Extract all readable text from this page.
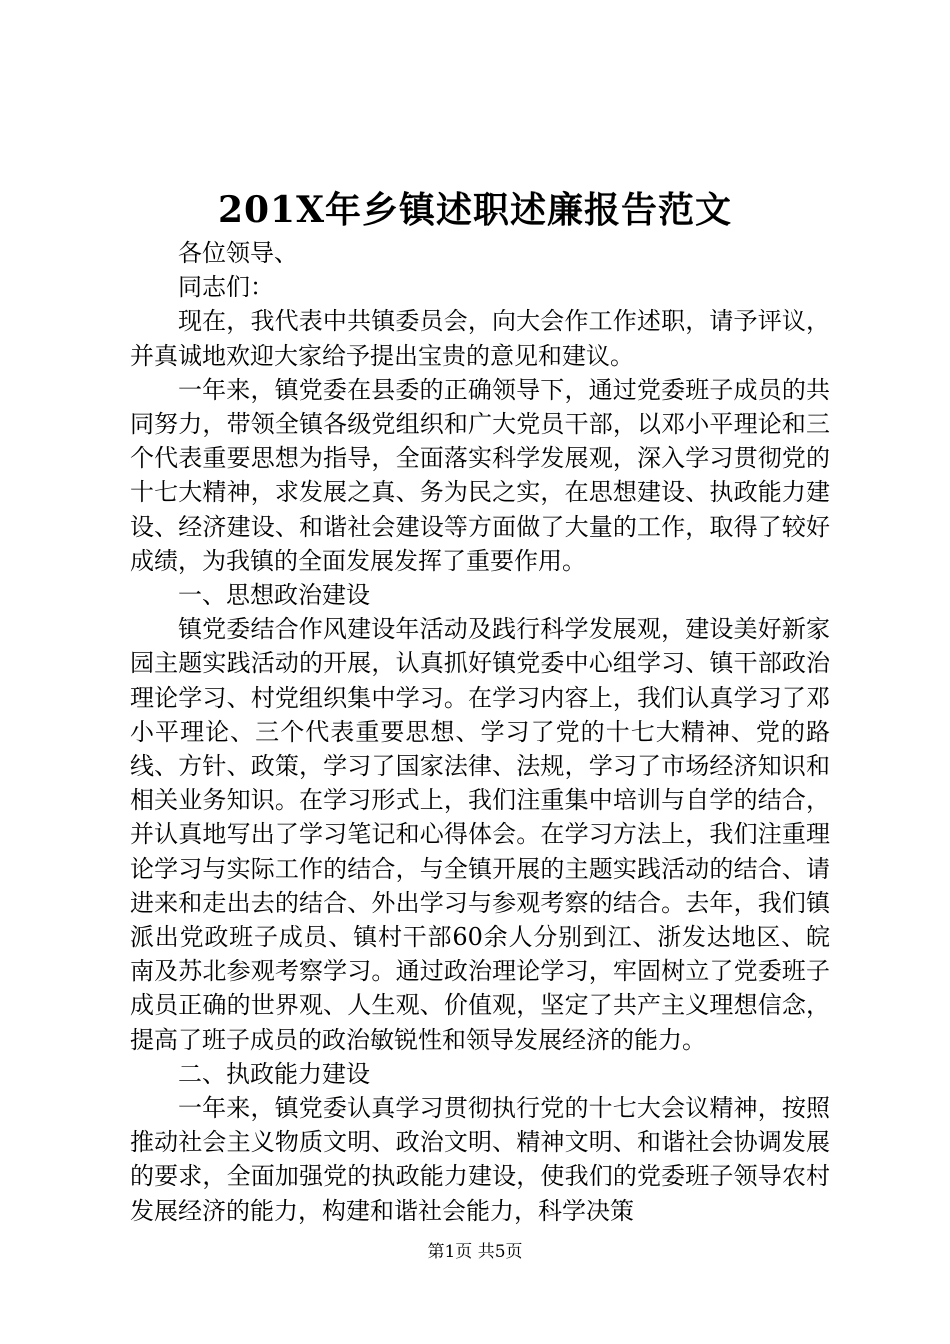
201X年乡镇述职述廉报告范文

各位领导、

同志们：

现在，我代表中共镇委员会，向大会作工作述职，请予评议，并真诚地欢迎大家给予提出宝贵的意见和建议。

一年来，镇党委在县委的正确领导下，通过党委班子成员的共同努力，带领全镇各级党组织和广大党员干部，以邓小平理论和三个代表重要思想为指导，全面落实科学发展观，深入学习贯彻党的十七大精神，求发展之真、务为民之实，在思想建设、执政能力建设、经济建设、和谐社会建设等方面做了大量的工作，取得了较好成绩，为我镇的全面发展发挥了重要作用。

一、思想政治建设

镇党委结合作风建设年活动及践行科学发展观，建设美好新家园主题实践活动的开展，认真抓好镇党委中心组学习、镇干部政治理论学习、村党组织集中学习。在学习内容上，我们认真学习了邓小平理论、三个代表重要思想、学习了党的十七大精神、党的路线、方针、政策，学习了国家法律、法规，学习了市场经济知识和相关业务知识。在学习形式上，我们注重集中培训与自学的结合，并认真地写出了学习笔记和心得体会。在学习方法上，我们注重理论学习与实际工作的结合，与全镇开展的主题实践活动的结合、请进来和走出去的结合、外出学习与参观考察的结合。去年，我们镇派出党政班子成员、镇村干部60余人分别到江、浙发达地区、皖南及苏北参观考察学习。通过政治理论学习，牢固树立了党委班子成员正确的世界观、人生观、价值观，坚定了共产主义理想信念，提高了班子成员的政治敏锐性和领导发展经济的能力。

二、执政能力建设

一年来，镇党委认真学习贯彻执行党的十七大会议精神，按照推动社会主义物质文明、政治文明、精神文明、和谐社会协调发展的要求，全面加强党的执政能力建设，使我们的党委班子领导农村发展经济的能力，构建和谐社会能力，科学决策

第1页 共5页
